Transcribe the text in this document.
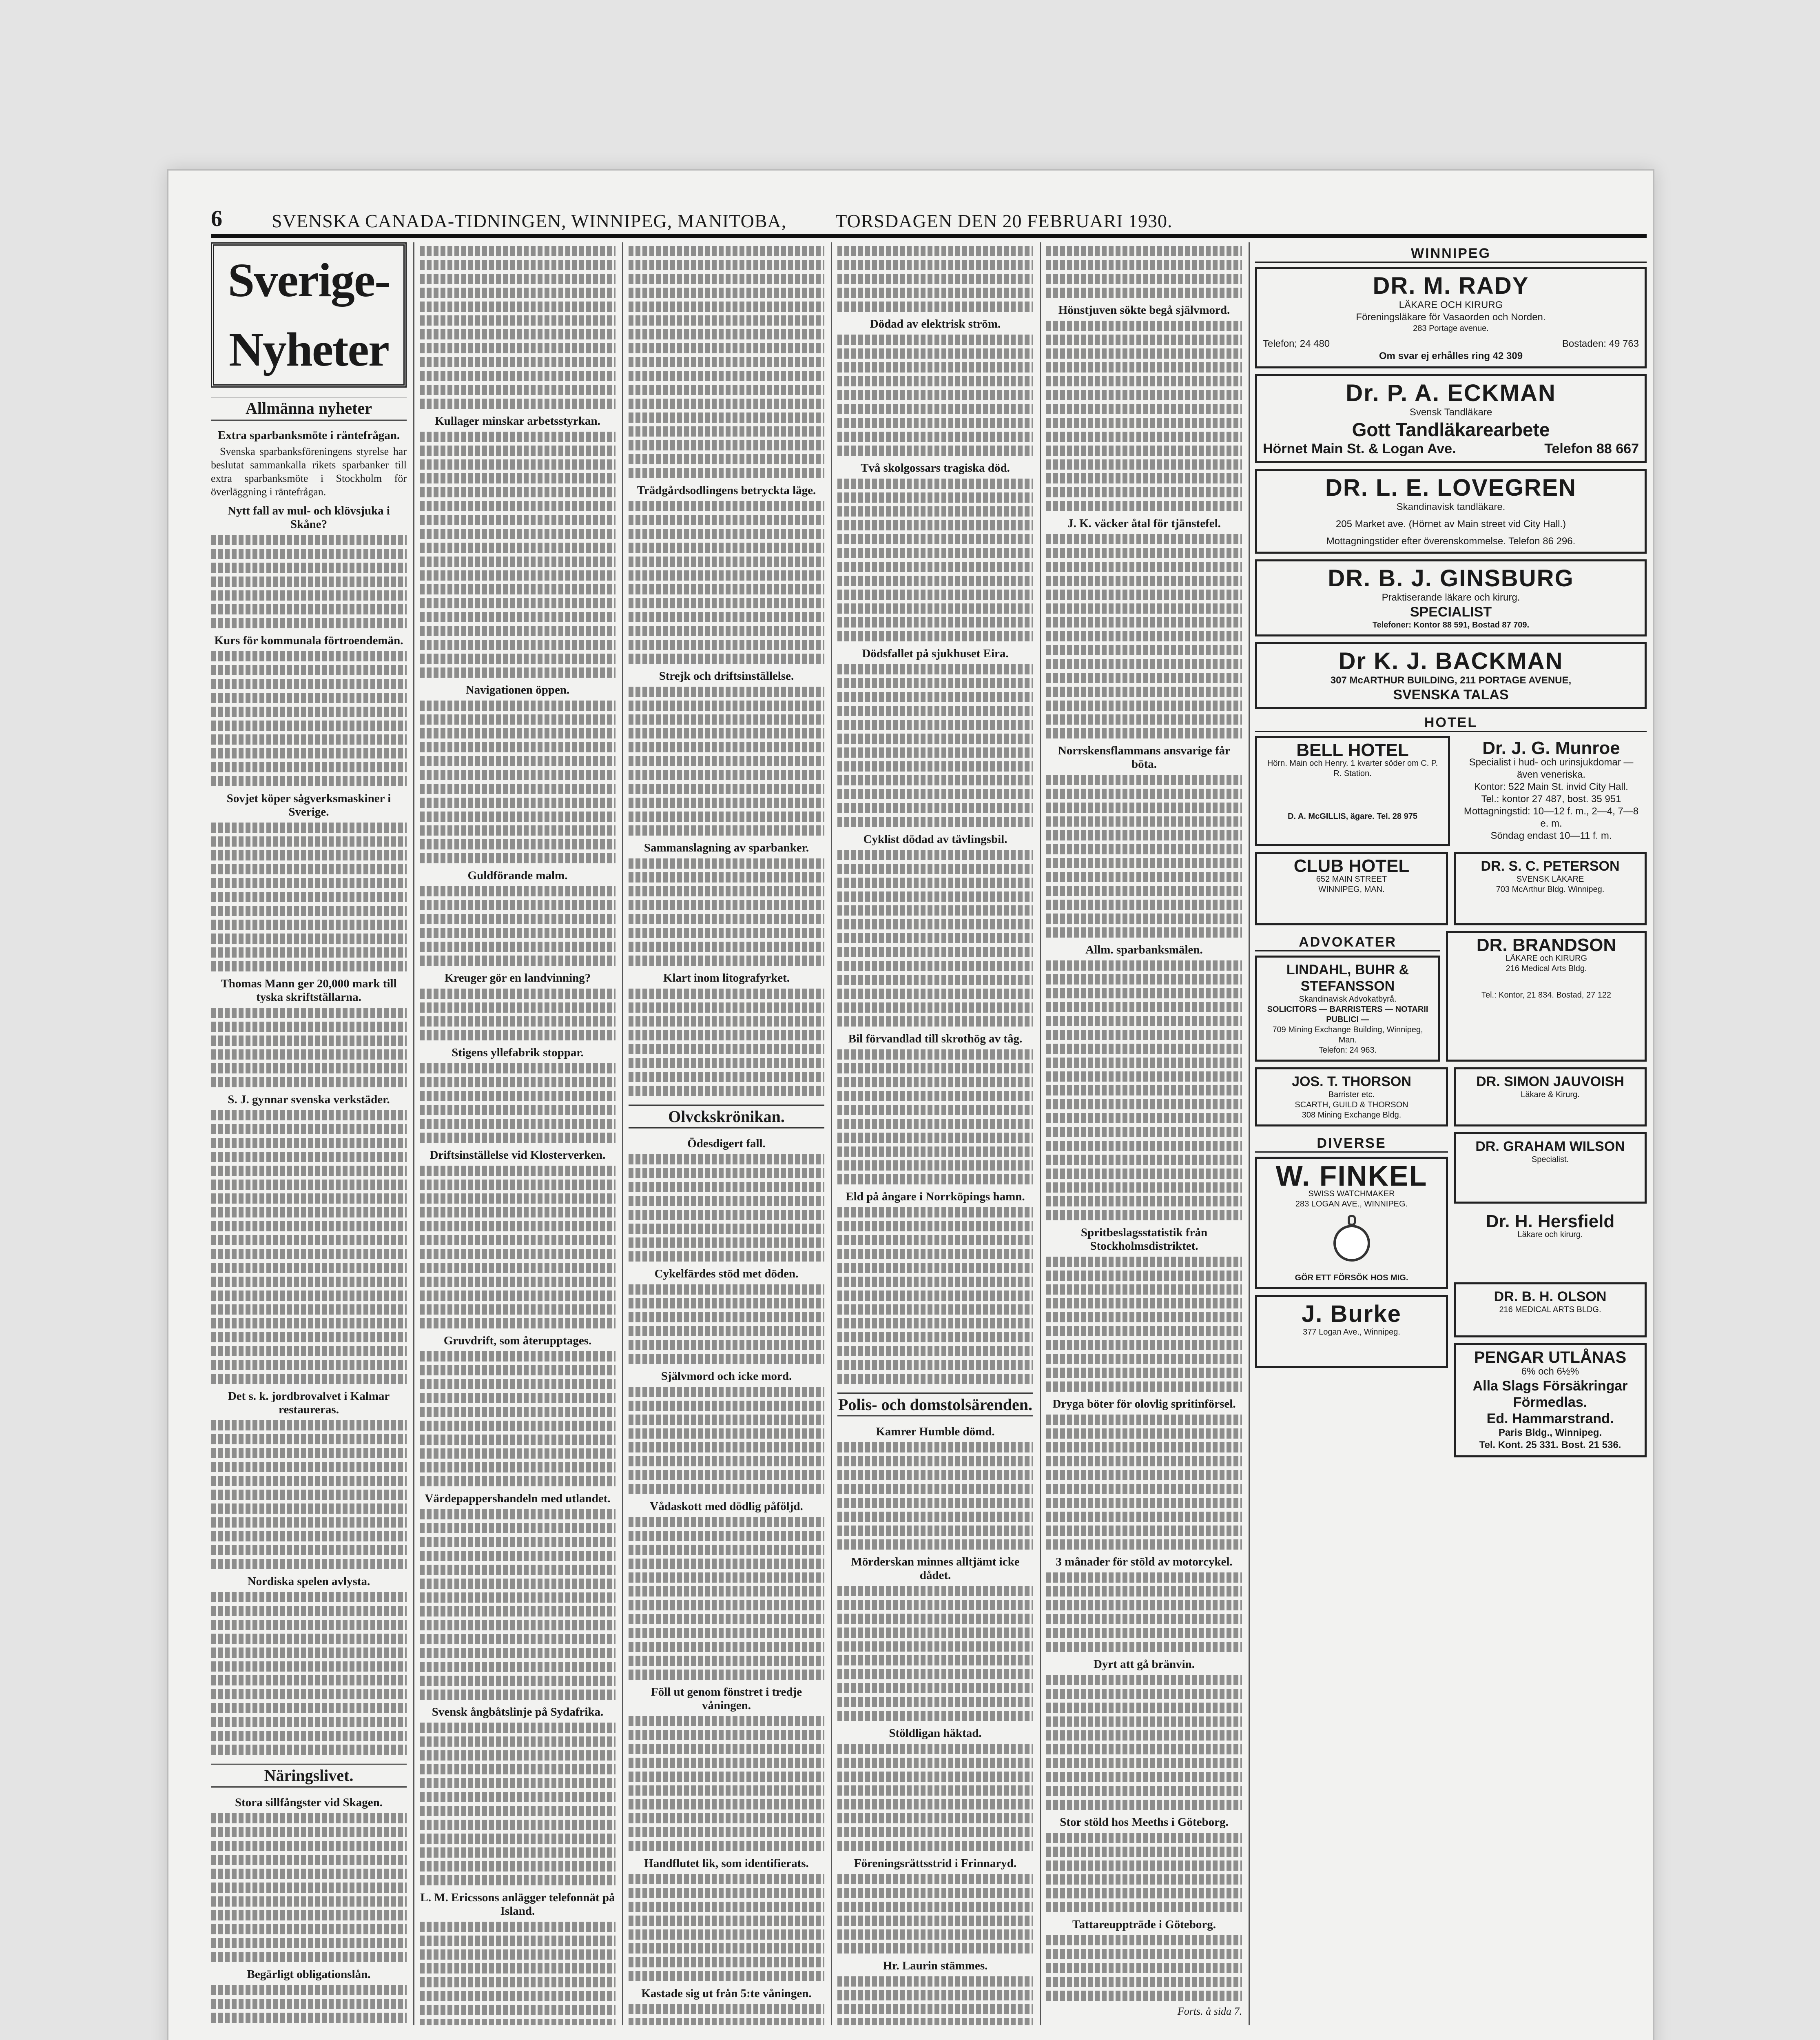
6	SVENSKA CANADA-TIDNINGEN, WINNIPEG, MANITOBA,	TORSDAGEN DEN 20 FEBRUARI 1930.
Sverige-Nyheter
Allmänna nyheter
Extra sparbanksmöte i räntefrågan.

Svenska sparbanksföreningens styrelse har beslutat sammankalla rikets sparbanker till extra sparbanksmöte i Stockholm för överläggning i räntefrågan.

Nytt fall av mul- och klövsjuka i Skåne?
Kurs för kommunala förtroendemän.
Sovjet köper sågverksmaskiner i Sverige.
Thomas Mann ger 20,000 mark till tyska skriftställarna.
S. J. gynnar svenska verkstäder.
Det s. k. jordbrovalvet i Kalmar restaureras.
Nordiska spelen avlysta.
Näringslivet.
Stora sillfångster vid Skagen.
Begärligt obligationslån.
Kullager minskar arbetsstyrkan.
Navigationen öppen.
Guldförande malm.
Kreuger gör en landvinning?
Stigens yllefabrik stoppar.
Driftsinställelse vid Klosterverken.
Gruvdrift, som återupptages.
Värdepappershandeln med utlandet.
Svensk ångbåtslinje på Sydafrika.
L. M. Ericssons anlägger telefonnät på Island.
Trädgårdsodlingens betryckta läge.
Strejk och driftsinställelse.
Sammanslagning av sparbanker.
Klart inom litografyrket.
Olvckskrönikan.
Ödesdigert fall.
Cykelfärdes stöd met döden.
Självmord och icke mord.
Vådaskott med dödlig påföljd.
Föll ut genom fönstret i tredje våningen.
Handflutet lik, som identifierats.
Kastade sig ut från 5:te våningen.
Dödad av elektrisk ström.
Två skolgossars tragiska död.
Dödsfallet på sjukhuset Eira.
Cyklist dödad av tävlingsbil.
Bil förvandlad till skrothög av tåg.
Eld på ångare i Norrköpings hamn.
Polis- och domstolsärenden.
Kamrer Humble dömd.
Mörderskan minnes alltjämt icke dådet.
Stöldligan häktad.
Föreningsrättsstrid i Frinnaryd.
Hr. Laurin stämmes.
Hönstjuven sökte begå självmord.
J. K. väcker åtal för tjänstefel.
Norrskensflammans ansvarige får böta.
Allm. sparbanksmälen.
Spritbeslagsstatistik från Stockholmsdistriktet.
Dryga böter för olovlig spritinförsel.
3 månader för stöld av motorcykel.
Dyrt att gå bränvin.
Stor stöld hos Meeths i Göteborg.
Tattareuppträde i Göteborg.
Forts. å sida 7.
WINNIPEG
DR. M. RADY
LÄKARE OCH KIRURG
Föreningsläkare för Vasaorden och Norden.
283 Portage avenue.
Telefon; 24 480	Bostaden: 49 763
Om svar ej erhålles ring 42 309
Dr. P. A. ECKMAN
Svensk Tandläkare
Gott Tandläkarearbete
Hörnet Main St. & Logan Ave.	Telefon 88 667
DR. L. E. LOVEGREN
Skandinavisk tandläkare.
205 Market ave. (Hörnet av Main street vid City Hall.)
Mottagningstider efter överenskommelse. Telefon 86 296.
DR. B. J. GINSBURG
Praktiserande läkare och kirurg.
SPECIALIST
Telefoner: Kontor 88 591, Bostad 87 709.
Dr K. J. BACKMAN
307 McARTHUR BUILDING, 211 PORTAGE AVENUE,
SVENSKA TALAS
HOTEL
BELL HOTEL
Hörn. Main och Henry. 1 kvarter söder om C. P. R. Station.
D. A. McGILLIS, ägare. Tel. 28 975
Dr. J. G. Munroe
Specialist i hud- och urinsjukdomar — även veneriska.
Kontor: 522 Main St. invid City Hall.
Tel.: kontor 27 487, bost. 35 951
Mottagningstid: 10—12 f. m., 2—4, 7—8 e. m.
Söndag endast 10—11 f. m.
CLUB HOTEL
652 MAIN STREET
WINNIPEG, MAN.
DR. S. C. PETERSON
SVENSK LÄKARE
703 McArthur Bldg. Winnipeg.
ADVOKATER
LINDAHL, BUHR & STEFANSSON
Skandinavisk Advokatbyrå.
SOLICITORS — BARRISTERS — NOTARII PUBLICI —
709 Mining Exchange Building, Winnipeg, Man.
Telefon: 24 963.
DR. BRANDSON
LÄKARE och KIRURG
216 Medical Arts Bldg.
Tel.: Kontor, 21 834. Bostad, 27 122
JOS. T. THORSON
Barrister etc.
SCARTH, GUILD & THORSON
308 Mining Exchange Bldg.
DR. SIMON JAUVOISH
Läkare & Kirurg.
DIVERSE
W. FINKEL
SWISS WATCHMAKER
283 LOGAN AVE., WINNIPEG.
GÖR ETT FÖRSÖK HOS MIG.
J. Burke
377 Logan Ave., Winnipeg.
DR. GRAHAM WILSON
Specialist.
Dr. H. Hersfield
Läkare och kirurg.
DR. B. H. OLSON
216 MEDICAL ARTS BLDG.
PENGAR UTLÅNAS
6% och 6½%
Alla Slags Försäkringar Förmedlas.
Ed. Hammarstrand.
Paris Bldg., Winnipeg.
Tel. Kont. 25 331. Bost. 21 536.
